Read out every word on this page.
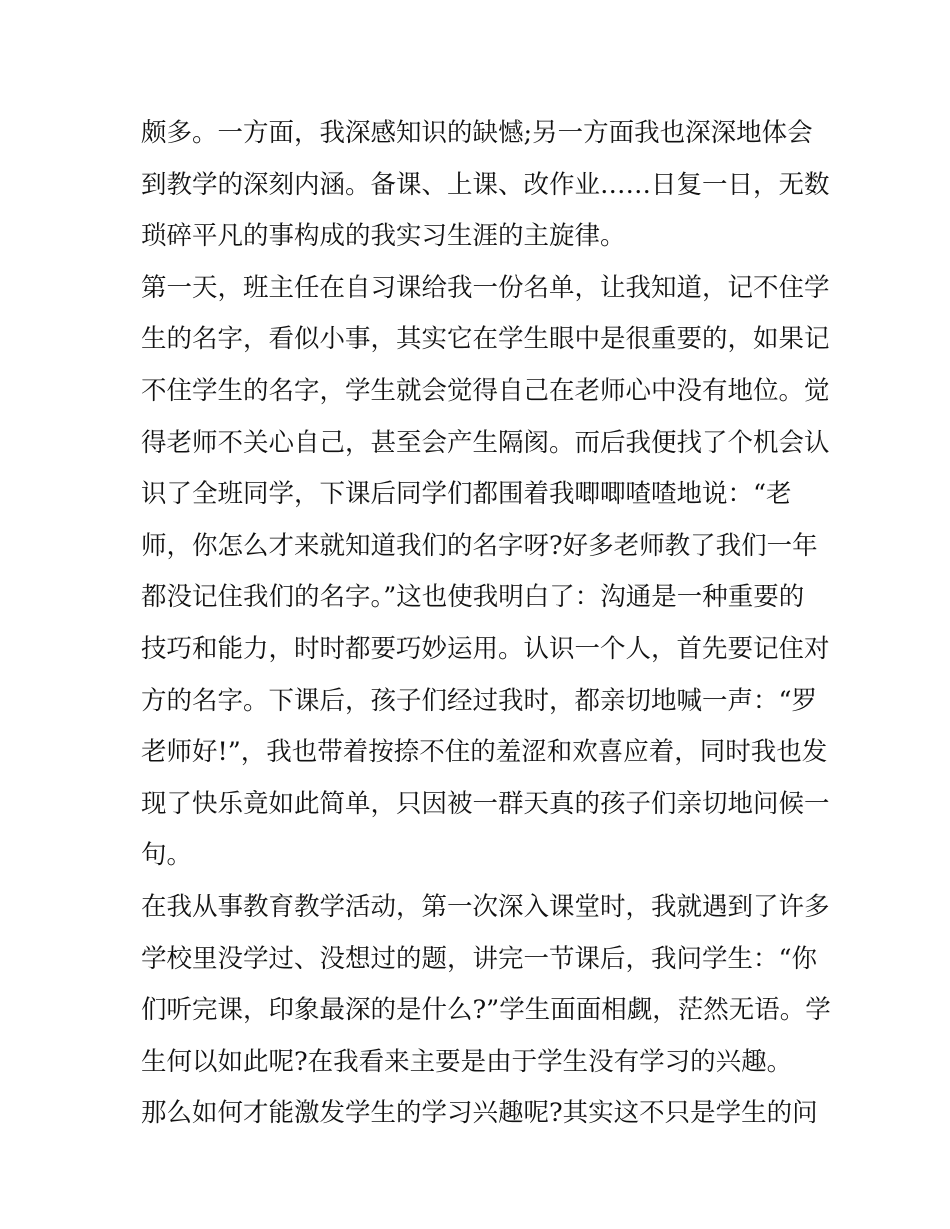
颇多。一方面，我深感知识的缺憾;另一方面我也深深地体会
到教学的深刻内涵。备课、上课、改作业……日复一日，无数
琐碎平凡的事构成的我实习生涯的主旋律。
第一天，班主任在自习课给我一份名单，让我知道，记不住学
生的名字，看似小事，其实它在学生眼中是很重要的，如果记
不住学生的名字，学生就会觉得自己在老师心中没有地位。觉
得老师不关心自己，甚至会产生隔阂。而后我便找了个机会认
识了全班同学，下课后同学们都围着我唧唧喳喳地说：“老
师，你怎么才来就知道我们的名字呀?好多老师教了我们一年
都没记住我们的名字。”这也使我明白了：沟通是一种重要的
技巧和能力，时时都要巧妙运用。认识一个人，首先要记住对
方的名字。下课后，孩子们经过我时，都亲切地喊一声：“罗
老师好!”，我也带着按捺不住的羞涩和欢喜应着，同时我也发
现了快乐竟如此简单，只因被一群天真的孩子们亲切地问候一
句。
在我从事教育教学活动，第一次深入课堂时，我就遇到了许多
学校里没学过、没想过的题，讲完一节课后，我问学生：“你
们听完课，印象最深的是什么?”学生面面相觑，茫然无语。学
生何以如此呢?在我看来主要是由于学生没有学习的兴趣。
那么如何才能激发学生的学习兴趣呢?其实这不只是学生的问
